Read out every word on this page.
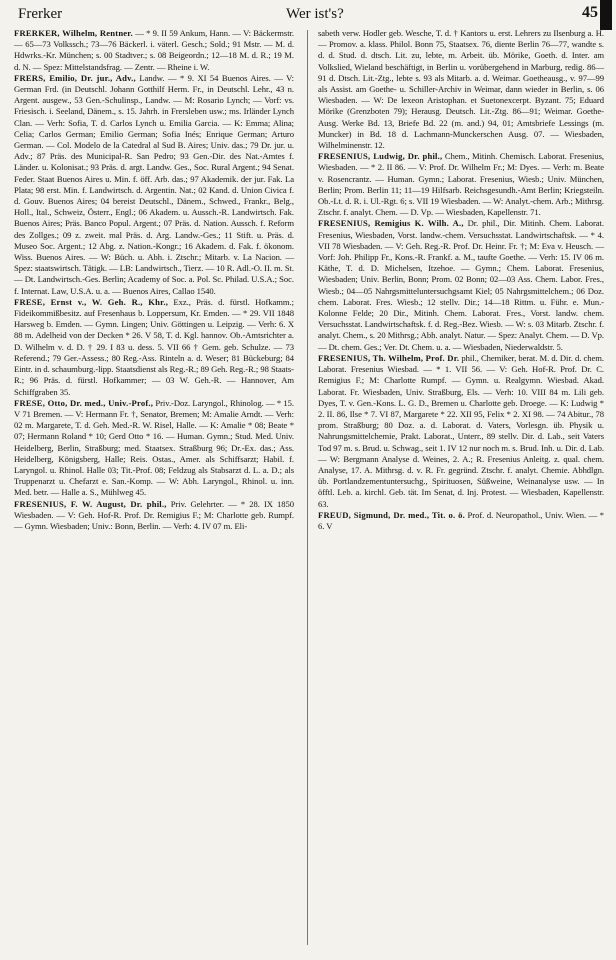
Frerker	Wer ist's?	45

FRERKER, Wilhelm, Rentner. — * 9. II 59 Ankum, Hann. — V: Bäckermstr. — 65—73 Volkssch.; 73—76 Bäckerl. i. väterl. Gesch.; Sold.; 91 Mstr. — M. d. Hdwrks.-Kr. München; s. 00 Stadtver.; s. 08 Beigeordn.; 12—18 M. d. R.; 19 M. d. N. — Spez: Mittelstandsfrag. — Zentr. — Rheine i. W.

FRERS, Emilio, Dr. jur., Adv., Landw. — * 9. XI 54 Buenos Aires. — V: German Frd. (in Deutschl. Johann Gotthilf Herm. Fr., in Deutschl. Lehr., 43 n. Argent. ausgew., 53 Gen.-Schulinsp., Landw. — M: Rosario Lynch; — Vorf: vs. Friesisch. i. Seeland, Dänem., s. 15. Jahrh. in Frersleben usw.; ms. Irländer Lynch Clan. — Verh: Sofia, T. d. Carlos Lynch u. Emilia Garcia. — K: Emma; Alina; Celia; Carlos German; Emilio German; Sofia Inés; Enrique German; Arturo German. — Col. Modelo de la Catedral al Sud B. Aires; Univ. das.; 79 Dr. jur. u. Adv.; 87 Präs. des Municipal-R. San Pedro; 93 Gen.-Dir. des Nat.-Amtes f. Länder. u. Kolonisat.; 93 Präs. d. argt. Landw. Ges., Soc. Rural Argent.; 94 Senat. Feder. Staat Buenos Aires u. Min. f. öff. Arb. das.; 97 Akademik. der jur. Fak. La Plata; 98 erst. Min. f. Landwirtsch. d. Argentin. Nat.; 02 Kand. d. Union Civica f. d. Gouv. Buenos Aires; 04 bereist Deutschl., Dänem., Schwed., Frankr., Belg., Holl., Ital., Schweiz, Österr., Engl.; 06 Akadem. u. Aussch.-R. Landwirtsch. Fak. Buenos Aires; Präs. Banco Popul. Argent.; 07 Präs. d. Nation. Aussch. f. Reform des Zollges.; 09 z. zweit. mal Präs. d. Arg. Landw.-Ges.; 11 Stift. u. Präs. d. Museo Soc. Argent.; 12 Abg. z. Nation.-Kongr.; 16 Akadem. d. Fak. f. ökonom. Wiss. Buenos Aires. — W: Büch. u. Abh. i. Ztschr.; Mitarb. v. La Nacion. — Spez: staatswirtsch. Tätigk. — LB: Landwirtsch., Tierz. — 10 R. Adl.-O. II. m. St. — Dt. Landwirtsch.-Ges. Berlin; Academy of Soc. a. Pol. Sc. Philad. U.S.A.; Soc. f. Internat. Law, U.S.A. u. a. — Buenos Aires, Callao 1540.

FRESE, Ernst v., W. Geh. R., Khr., Exz., Präs. d. fürstl. Hofkamm.; Fideikommißbesitz. auf Fresenhaus b. Loppersum, Kr. Emden. — * 29. VII 1848 Harsweg b. Emden. — Gymn. Lingen; Univ. Göttingen u. Leipzig. — Verh: 6. X 88 m. Adelheid von der Decken * 26. V 58, T. d. Kgl. hannov. Ob.-Amtsrichter a. D. Wilhelm v. d. D. † 29. I 83 u. dess. 5. VII 66 † Gem. geb. Schulze. — 73 Referend.; 79 Ger.-Assess.; 80 Reg.-Ass. Rinteln a. d. Weser; 81 Bückeburg; 84 Eintr. in d. schaumburg.-lipp. Staatsdienst als Reg.-R.; 89 Geh. Reg.-R.; 98 Staats-R.; 96 Präs. d. fürstl. Hofkammer; — 03 W. Geh.-R. — Hannover, Am Schiffgraben 35.

FRESE, Otto, Dr. med., Univ.-Prof., Priv.-Doz. Laryngol., Rhinolog. — * 15. V 71 Bremen. — V: Hermann Fr. †, Senator, Bremen; M: Amalie Arndt. — Verh: 02 m. Margarete, T. d. Geh. Med.-R. W. Risel, Halle. — K: Amalie * 08; Beate * 07; Hermann Roland * 10; Gerd Otto * 16. — Human. Gymn.; Stud. Med. Univ. Heidelberg, Berlin, Straßburg; med. Staatsex. Straßburg 96; Dr.-Ex. das.; Ass. Heidelberg, Königsberg, Halle; Reis. Ostas., Amer. als Schiffsarzt; Habil. f. Laryngol. u. Rhinol. Halle 03; Tit.-Prof. 08; Feldzug als Stabsarzt d. L. a. D.; als Truppenarzt u. Chefarzt e. San.-Komp. — W: Abh. Laryngol., Rhinol. u. inn. Med. betr. — Halle a. S., Mühlweg 45.

FRESENIUS, F. W. August, Dr. phil., Priv. Gelehrter. — * 28. IX 1850 Wiesbaden. — V: Geh. Hof-R. Prof. Dr. Remigius F.; M: Charlotte geb. Rumpf. — Gymn. Wiesbaden; Univ.: Bonn, Berlin. — Verh: 4. IV 07 m. Eli-

sabeth verw. Hodler geb. Wesche, T. d. † Kantors u. erst. Lehrers zu Ilsenburg a. H. — Promov. a. klass. Philol. Bonn 75, Staatsex. 76, diente Berlin 76—77, wandte s. d. d. Stud. d. dtsch. Lit. zu, lebte, m. Arbeit. üb. Mörike, Goeth. d. Inter. am Volkslied, Wieland beschäftigt, in Berlin u. vorübergehend in Marburg, redig. 86—91 d. Dtsch. Lit.-Ztg., lebte s. 93 als Mitarb. a. d. Weimar. Goetheausg., v. 97—99 als Assist. am Goethe- u. Schiller-Archiv in Weimar, dann wieder in Berlin, s. 06 Wiesbaden. — W: De lexeon Aristophan. et Suetonexcerpt. Byzant. 75; Eduard Mörike (Grenzboten 79); Herausg. Deutsch. Lit.-Ztg. 86—91; Weimar. Goethe-Ausg. Werke Bd. 13, Briefe Bd. 22 (m. and.) 94, 01; Amtsbriefe Lessings (m. Muncker) in Bd. 18 d. Lachmann-Munckerschen Ausg. 07. — Wiesbaden, Wilhelminenstr. 12.

FRESENIUS, Ludwig, Dr. phil., Chem., Mitinh. Chemisch. Laborat. Fresenius, Wiesbaden. — * 2. II 86. — V: Prof. Dr. Wilhelm Fr.; M: Dyes. — Verh: m. Beate v. Rosencrantz. — Human. Gymn.; Laborat. Fresenius, Wiesb.; Univ. München, Berlin; Prom. Berlin 11; 11—19 Hilfsarb. Reichsgesundh.-Amt Berlin; Kriegsteiln. Ob.-Lt. d. R. i. Ul.-Rgt. 6; s. VII 19 Wiesbaden. — W: Analyt.-chem. Arb.; Mithrsg. Ztschr. f. analyt. Chem. — D. Vp. — Wiesbaden, Kapellenstr. 71.

FRESENIUS, Remigius K. Wilh. A., Dr. phil., Dir. Mitinh. Chem. Laborat. Fresenius, Wiesbaden, Vorst. landw.-chem. Versuchsstat. Landwirtschaftsk. — * 4. VII 78 Wiesbaden. — V: Geh. Reg.-R. Prof. Dr. Heinr. Fr. †; M: Eva v. Heusch. — Vorf: Joh. Philipp Fr., Kons.-R. Frankf. a. M., taufte Goethe. — Verh: 15. IV 06 m. Käthe, T. d. D. Michelsen, Itzehoe. — Gymn.; Chem. Laborat. Fresenius, Wiesbaden; Univ. Berlin, Bonn; Prom. 02 Bonn; 02—03 Ass. Chem. Labor. Fres., Wiesb.; 04—05 Nahrgsmitteluntersuchgsamt Kiel; 05 Nahrgsmittelchem.; 06 Doz. chem. Laborat. Fres. Wiesb.; 12 stellv. Dir.; 14—18 Rittm. u. Führ. e. Mun.-Kolonne Felde; 20 Dir., Mitinh. Chem. Laborat. Fres., Vorst. landw. chem. Versuchsstat. Landwirtschaftsk. f. d. Reg.-Bez. Wiesb. — W: s. 03 Mitarb. Ztschr. f. analyt. Chem., s. 20 Mithrsg.; Abh. analyt. Natur. — Spez: Analyt. Chem. — D. Vp. — Dt. chem. Ges.; Ver. Dt. Chem. u. a. — Wiesbaden, Niederwaldstr. 5.

FRESENIUS, Th. Wilhelm, Prof. Dr. phil., Chemiker, berat. M. d. Dir. d. chem. Laborat. Fresenius Wiesbad. — * 1. VII 56. — V: Geh. Hof-R. Prof. Dr. C. Remigius F.; M: Charlotte Rumpf. — Gymn. u. Realgymn. Wiesbad. Akad. Laborat. Fr. Wiesbaden, Univ. Straßburg, Els. — Verh: 10. VIII 84 m. Lili geb. Dyes, T. v. Gen.-Kons. L. G. D., Bremen u. Charlotte geb. Droege. — K: Ludwig * 2. II. 86, Ilse * 7. VI 87, Margarete * 22. XII 95, Felix * 2. XI 98. — 74 Abitur., 78 prom. Straßburg; 80 Doz. a. d. Laborat. d. Vaters, Vorlesgn. üb. Physik u. Nahrungsmittelchemie, Prakt. Laborat., Unterr., 89 stellv. Dir. d. Lab., seit Vaters Tod 97 m. s. Brud. u. Schwag., seit 1. IV 12 nur noch m. s. Brud. Inh. u. Dir. d. Lab. — W: Bergmann Analyse d. Weines, 2. A.; R. Fresenius Anleitg. z. qual. chem. Analyse, 17. A. Mithrsg. d. v. R. Fr. gegründ. Ztschr. f. analyt. Chemie. Abhdlgn. üb. Portlandzementuntersuchg., Spirituosen, Süßweine, Weinanalyse usw. — In öfftl. Leb. a. kirchl. Geb. tät. Im Senat, d. Inj. Protest. — Wiesbaden, Kapellenstr. 63.

FREUD, Sigmund, Dr. med., Tit. o. ö. Prof. d. Neuropathol., Univ. Wien. — * 6. V
